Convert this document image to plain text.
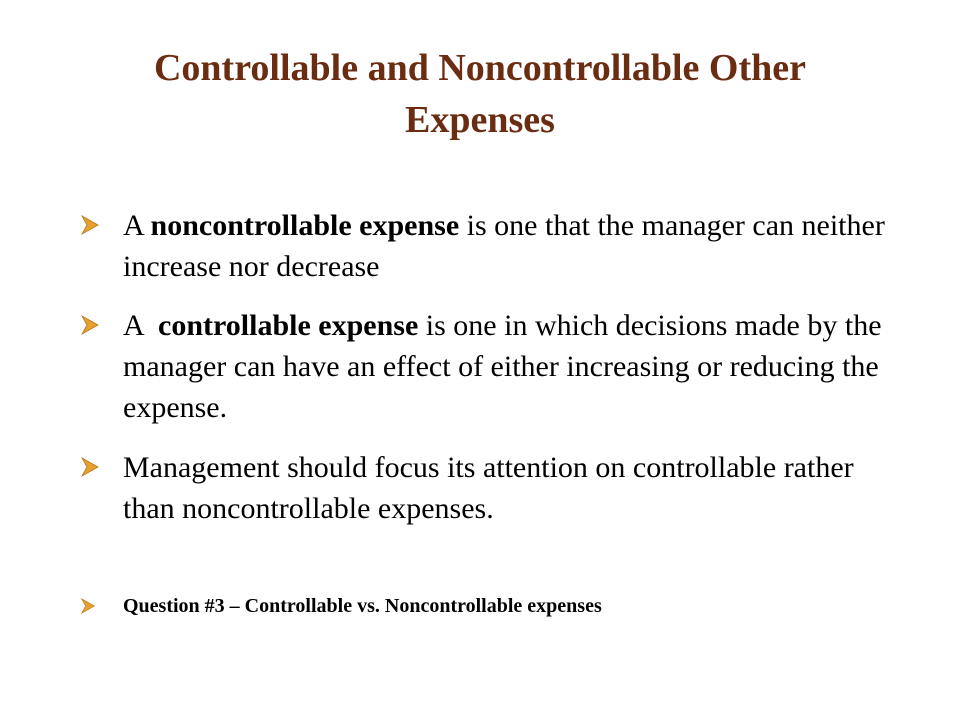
Controllable and Noncontrollable Other
Expenses
A noncontrollable expense is one that the manager can neither increase nor decrease
A  controllable expense is one in which decisions made by the manager can have an effect of either increasing or reducing the expense.
Management should focus its attention on controllable rather than noncontrollable expenses.
Question #3 – Controllable vs. Noncontrollable expenses
